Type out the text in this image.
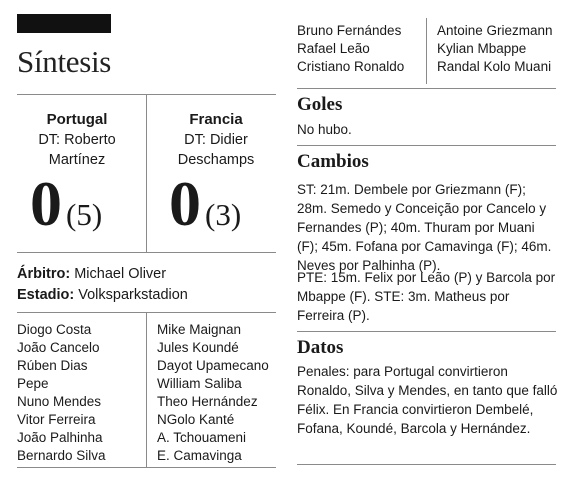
Síntesis
Portugal
DT: Roberto
Martínez
0 (5)
Francia
DT: Didier
Deschamps
0 (3)
Árbitro: Michael Oliver
Estadio: Volksparkstadion
Diogo Costa
João Cancelo
Rúben Dias
Pepe
Nuno Mendes
Vitor Ferreira
João Palhinha
Bernardo Silva
Mike Maignan
Jules Koundé
Dayot Upamecano
William Saliba
Theo Hernández
NGolo Kanté
A. Tchouameni
E. Camavinga
Bruno Fernándes
Rafael Leão
Cristiano Ronaldo
Antoine Griezmann
Kylian Mbappe
Randal Kolo Muani
Goles
No hubo.
Cambios
ST: 21m. Dembele por Griezmann (F); 28m. Semedo y Conceição por Cancelo y Fernandes (P); 40m. Thuram por Muani (F); 45m. Fofana por Camavinga (F); 46m. Neves por Palhinha (P).
PTE: 15m. Felix por Leão (P) y Barcola por Mbappe (F). STE: 3m. Matheus por Ferreira (P).
Datos
Penales: para Portugal convirtieron Ronaldo, Silva y Mendes, en tanto que falló Félix. En Francia convirtieron Dembelé, Fofana, Koundé, Barcola y Hernández.
